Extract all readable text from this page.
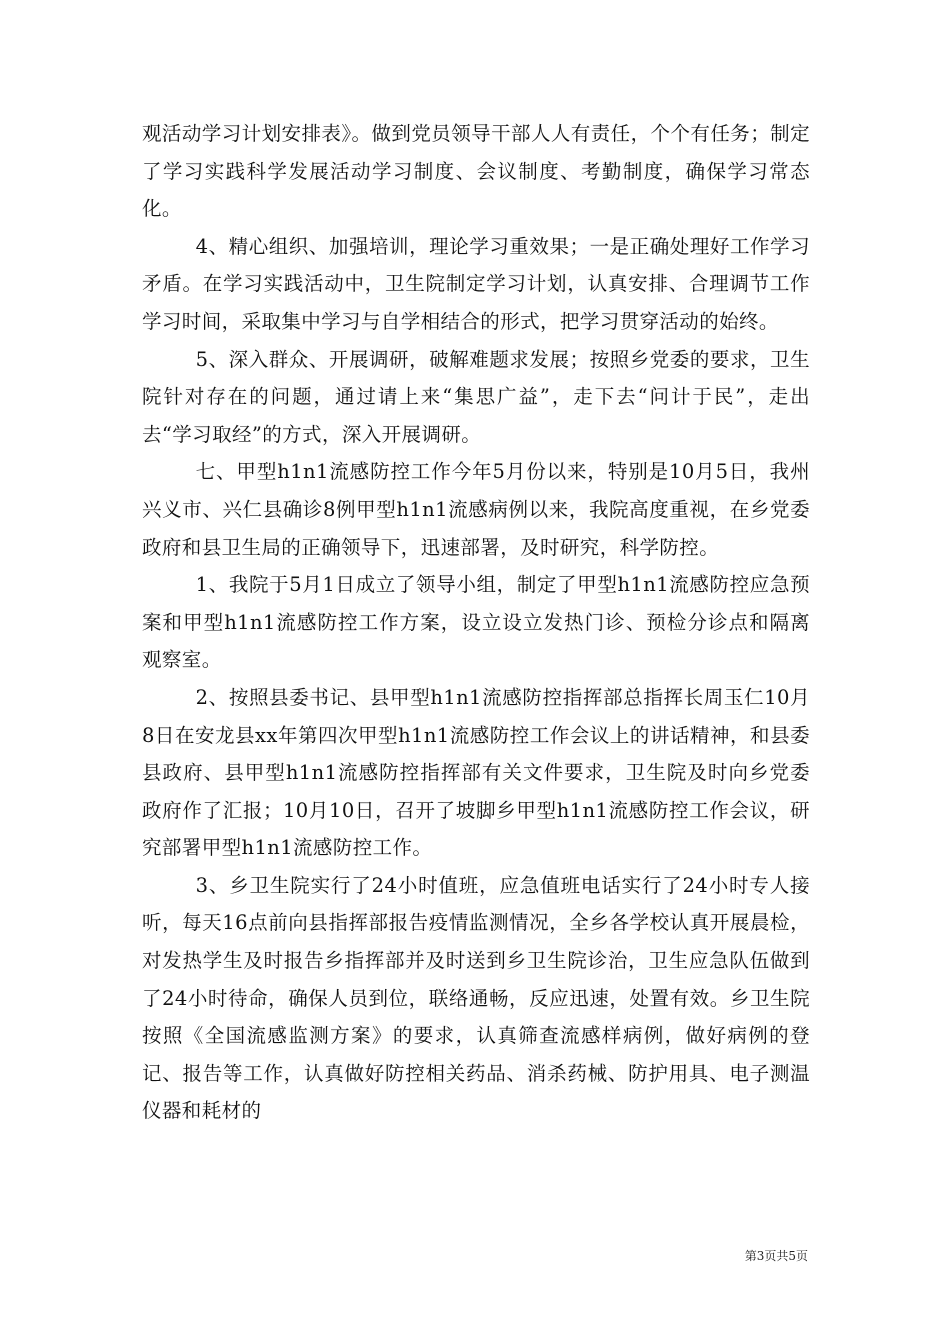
观活动学习计划安排表》。做到党员领导干部人人有责任，个个有任务；制定了学习实践科学发展活动学习制度、会议制度、考勤制度，确保学习常态化。

4、精心组织、加强培训，理论学习重效果；一是正确处理好工作学习矛盾。在学习实践活动中，卫生院制定学习计划，认真安排、合理调节工作学习时间，采取集中学习与自学相结合的形式，把学习贯穿活动的始终。

5、深入群众、开展调研，破解难题求发展；按照乡党委的要求，卫生院针对存在的问题，通过请上来“集思广益”，走下去“问计于民”，走出去“学习取经”的方式，深入开展调研。

七、甲型h1n1流感防控工作今年5月份以来，特别是10月5日，我州兴义市、兴仁县确诊8例甲型h1n1流感病例以来，我院高度重视，在乡党委政府和县卫生局的正确领导下，迅速部署，及时研究，科学防控。

1、我院于5月1日成立了领导小组，制定了甲型h1n1流感防控应急预案和甲型h1n1流感防控工作方案，设立设立发热门诊、预检分诊点和隔离观察室。

2、按照县委书记、县甲型h1n1流感防控指挥部总指挥长周玉仁10月8日在安龙县xx年第四次甲型h1n1流感防控工作会议上的讲话精神，和县委县政府、县甲型h1n1流感防控指挥部有关文件要求，卫生院及时向乡党委政府作了汇报；10月10日，召开了坡脚乡甲型h1n1流感防控工作会议，研究部署甲型h1n1流感防控工作。

3、乡卫生院实行了24小时值班，应急值班电话实行了24小时专人接听，每天16点前向县指挥部报告疫情监测情况，全乡各学校认真开展晨检，对发热学生及时报告乡指挥部并及时送到乡卫生院诊治，卫生应急队伍做到了24小时待命，确保人员到位，联络通畅，反应迅速，处置有效。乡卫生院按照《全国流感监测方案》的要求，认真筛查流感样病例，做好病例的登记、报告等工作，认真做好防控相关药品、消杀药械、防护用具、电子测温仪器和耗材的

第3页共5页
